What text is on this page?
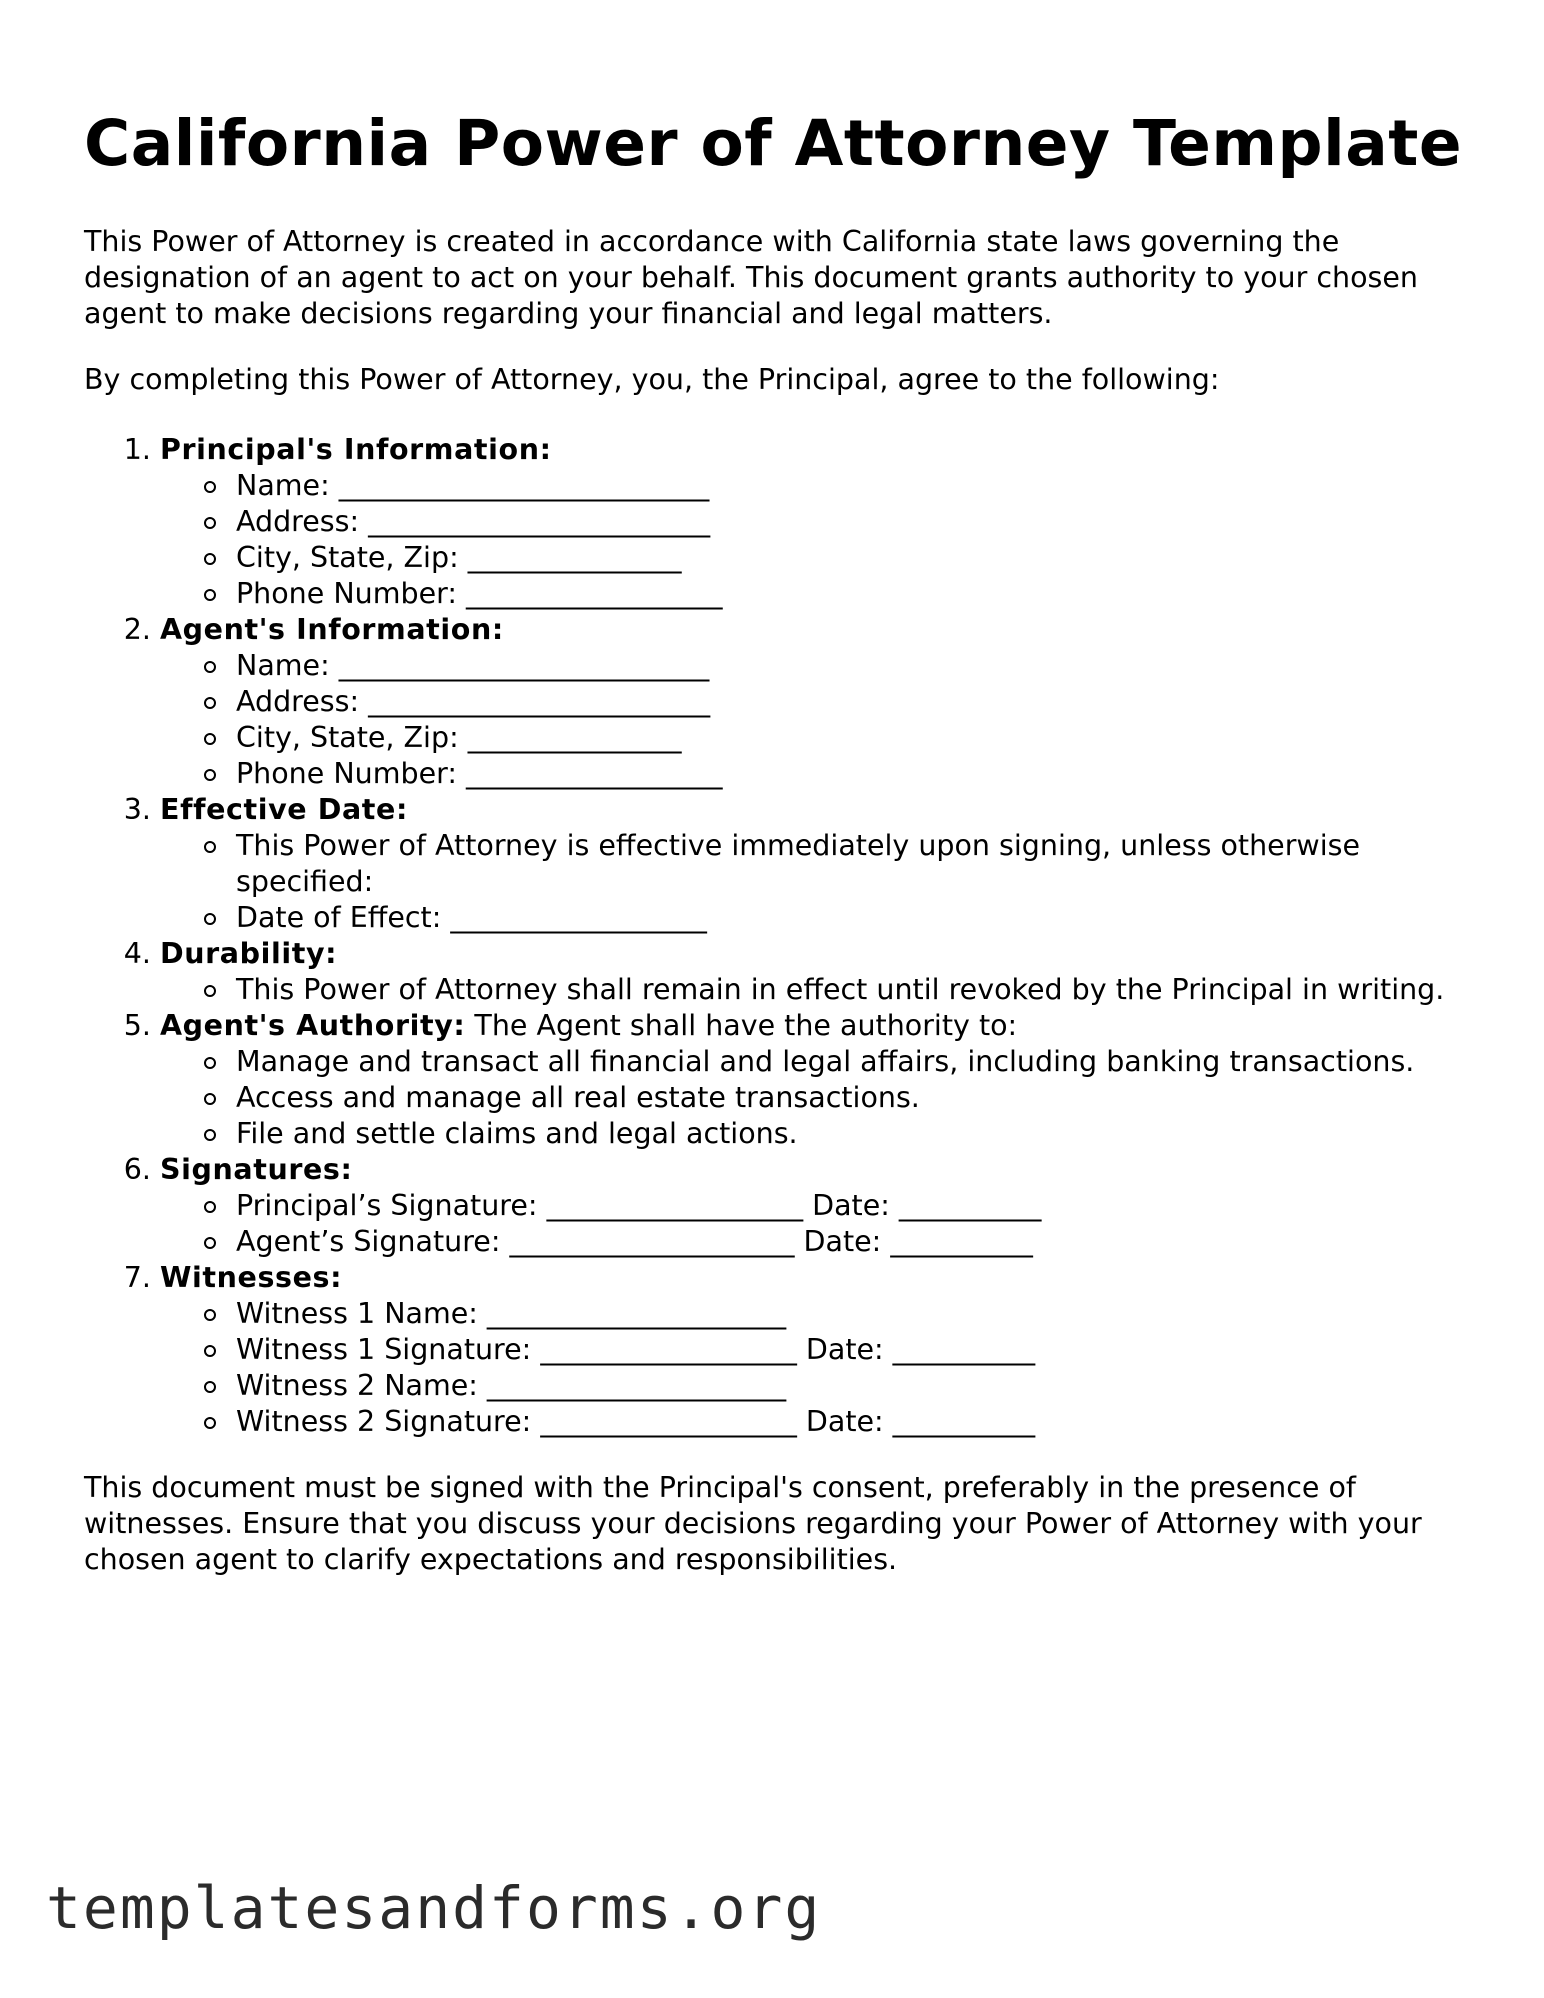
California Power of Attorney Template

This Power of Attorney is created in accordance with California state laws governing the designation of an agent to act on your behalf. This document grants authority to your chosen agent to make decisions regarding your financial and legal matters.

By completing this Power of Attorney, you, the Principal, agree to the following:

1. Principal's Information:
Name: __________________________
Address: ________________________
City, State, Zip: _______________
Phone Number: __________________
2. Agent's Information:
Name: __________________________
Address: ________________________
City, State, Zip: _______________
Phone Number: __________________
3. Effective Date:
This Power of Attorney is effective immediately upon signing, unless otherwise specified:
Date of Effect: __________________
4. Durability:
This Power of Attorney shall remain in effect until revoked by the Principal in writing.
5. Agent's Authority: The Agent shall have the authority to:
Manage and transact all financial and legal affairs, including banking transactions.
Access and manage all real estate transactions.
File and settle claims and legal actions.
6. Signatures:
Principal’s Signature: __________________ Date: __________
Agent’s Signature: ____________________ Date: __________
7. Witnesses:
Witness 1 Name: _____________________
Witness 1 Signature: __________________ Date: __________
Witness 2 Name: _____________________
Witness 2 Signature: __________________ Date: __________

This document must be signed with the Principal's consent, preferably in the presence of witnesses. Ensure that you discuss your decisions regarding your Power of Attorney with your chosen agent to clarify expectations and responsibilities.

templatesandforms.org
